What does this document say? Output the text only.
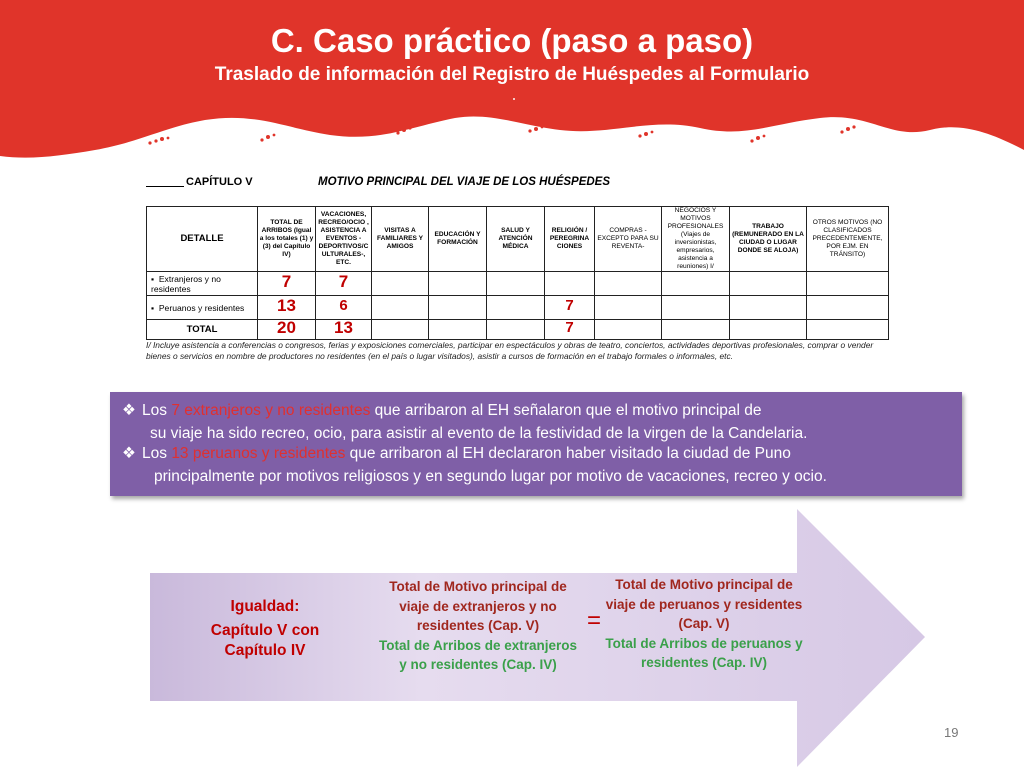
C. Caso práctico (paso a paso)
Traslado de información del Registro de Huéspedes al Formulario
CAPÍTULO V	MOTIVO PRINCIPAL DEL VIAJE DE LOS HUÉSPEDES
DETALLE	TOTAL DE ARRIBOS (Igual a los totales (1) y (3) del Capítulo IV)	VACACIONES, RECREO/OCIO , ASISTENCIA A EVENTOS - DEPORTIVOS/C ULTURALES-, ETC.	VISITAS A FAMILIARES Y AMIGOS	EDUCACIÓN Y FORMACIÓN	SALUD Y ATENCIÓN MÉDICA	RELIGIÓN / PEREGRINA CIONES	COMPRAS -EXCEPTO PARA SU REVENTA-	NEGOCIOS Y MOTIVOS PROFESIONALES (Viajes de inversionistas, empresarios, asistencia a reuniones) I/	TRABAJO (REMUNERADO EN LA CIUDAD O LUGAR DONDE SE ALOJA)	OTROS MOTIVOS (NO CLASIFICADOS PRECEDENTEMENTE, POR EJM. EN TRÁNSITO)
▪  Extranjeros y no residentes	7	7								
▪  Peruanos y residentes	13	6				7				
TOTAL	20	13				7				
I/ Incluye asistencia a conferencias o congresos, ferias y exposiciones comerciales, participar en espectáculos y obras de teatro, conciertos, actividades deportivas profesionales, comprar o vender bienes o servicios en nombre de productores no residentes (en el país o lugar visitados), asistir a cursos de formación en el trabajo formales o informales, etc.
❖ Los 7 extranjeros y no residentes que arribaron al EH señalaron que el motivo principal de
su viaje ha sido recreo, ocio, para asistir al evento de la festividad de la virgen de la Candelaria.
❖ Los 13 peruanos y residentes que arribaron al EH declararon haber visitado la ciudad de Puno
principalmente por motivos religiosos y en segundo lugar por motivo de vacaciones, recreo y ocio.
Igualdad:
Capítulo V con Capítulo IV
Total de Motivo principal de viaje de extranjeros y no residentes (Cap. V)
Total de Arribos de extranjeros y no residentes (Cap. IV)
=
Total de Motivo principal de viaje de peruanos y residentes (Cap. V)
Total de Arribos de peruanos y residentes (Cap. IV)
19
